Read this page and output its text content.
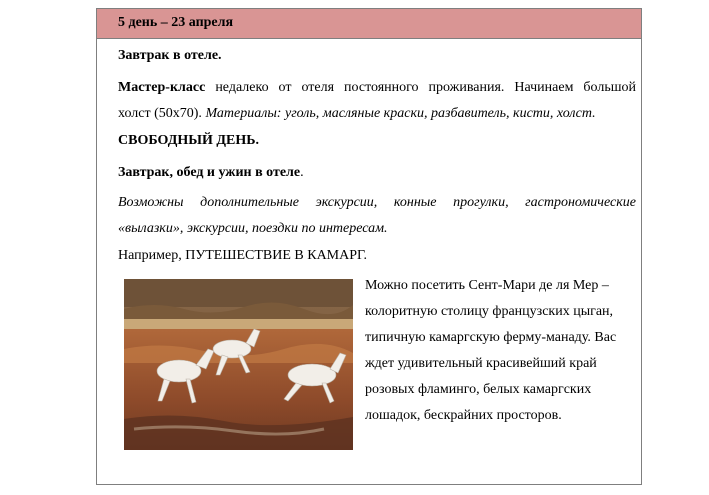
5 день – 23 апреля
Завтрак в отеле.
Мастер-класс недалеко от отеля постоянного проживания. Начинаем большой
холст (50х70). Материалы: уголь, масляные краски, разбавитель, кисти, холст.
СВОБОДНЫЙ ДЕНЬ.
Завтрак, обед и ужин в отеле.
Возможны дополнительные экскурсии, конные прогулки, гастрономические
«вылазки», экскурсии, поездки по интересам.
Например, ПУТЕШЕСТВИЕ В КАМАРГ.
Можно посетить Сент-Мари де ля Мер –
колоритную столицу французских цыган,
типичную камаргскую ферму-манаду. Вас
ждет удивительный красивейший край
розовых фламинго, белых камаргских
лошадок, бескрайних просторов.
